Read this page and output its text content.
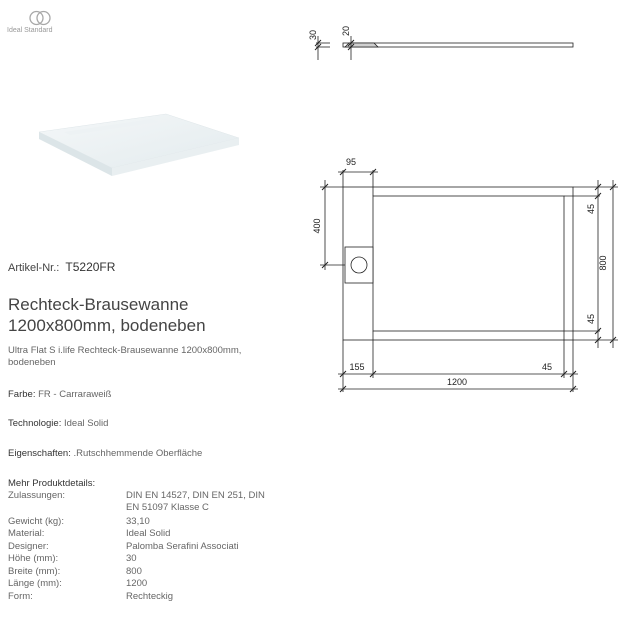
Ideal Standard
Artikel-Nr.: T5220FR
Rechteck-Brausewanne
1200x800mm, bodeneben
Ultra Flat S i.life Rechteck-Brausewanne 1200x800mm, bodeneben
Farbe: FR - Carraraweiß
Technologie: Ideal Solid
Eigenschaften: .Rutschhemmende Oberfläche
Mehr Produktdetails:
Zulassungen:	DIN EN 14527, DIN EN 251, DIN EN 51097 Klasse C
Gewicht (kg):	33,10
Material:	Ideal Solid
Designer:	Palomba Serafini Associati
Höhe (mm):	30
Breite (mm):	800
Länge (mm):	1200
Form:	Rechteckig
30	20
95
400
45
800
45
155	45
1200
